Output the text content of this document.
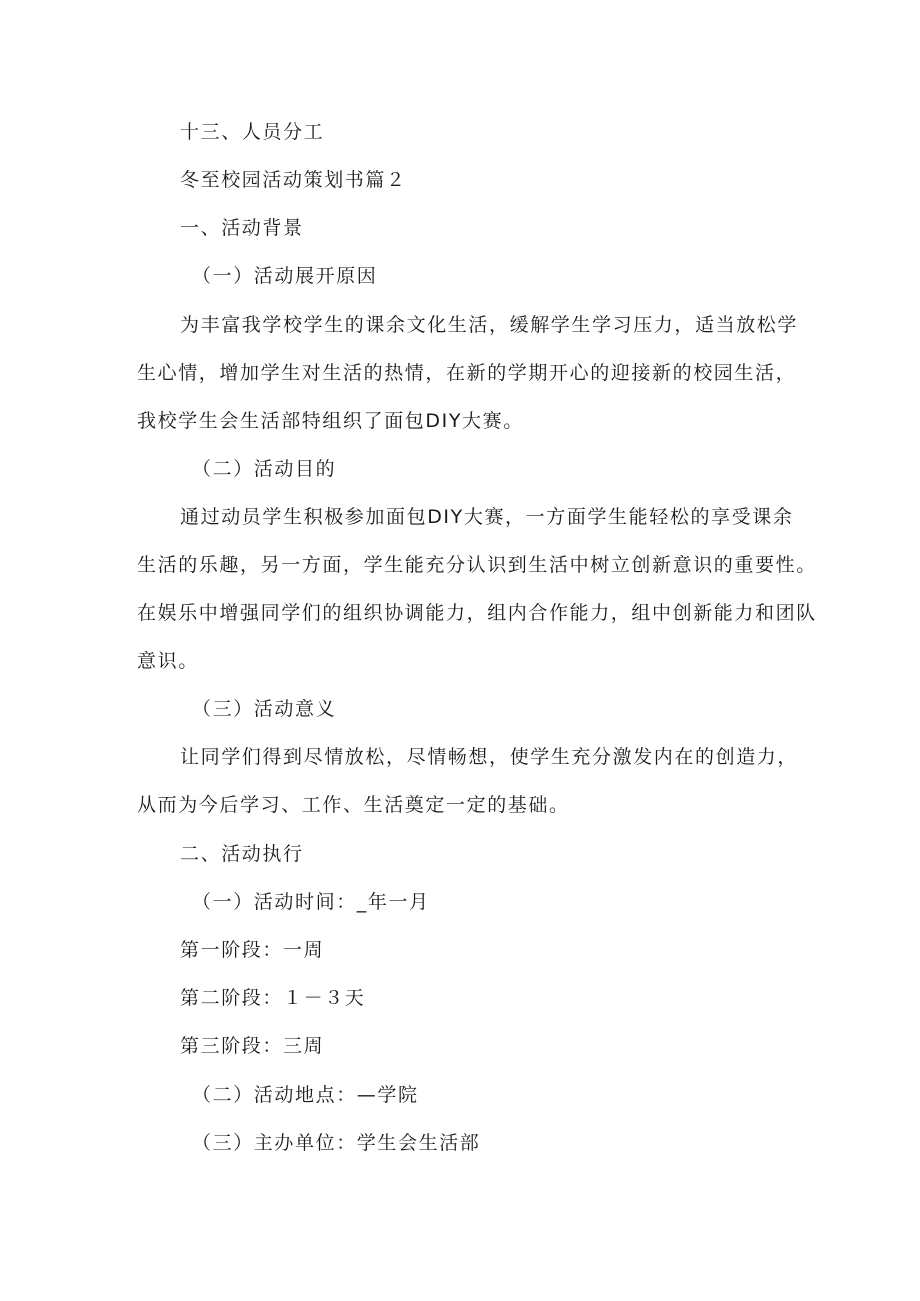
十三、人员分工
冬至校园活动策划书篇２
一、活动背景
（一）活动展开原因
为丰富我学校学生的课余文化生活，缓解学生学习压力，适当放松学
生心情，增加学生对生活的热情，在新的学期开心的迎接新的校园生活，
我校学生会生活部特组织了面包DIY大赛。
（二）活动目的
通过动员学生积极参加面包DIY大赛，一方面学生能轻松的享受课余
生活的乐趣，另一方面，学生能充分认识到生活中树立创新意识的重要性。
在娱乐中增强同学们的组织协调能力，组内合作能力，组中创新能力和团队
意识。
（三）活动意义
让同学们得到尽情放松，尽情畅想，使学生充分激发内在的创造力，
从而为今后学习、工作、生活奠定一定的基础。
二、活动执行
（一）活动时间：_年一月
第一阶段：一周
第二阶段：１－３天
第三阶段：三周
（二）活动地点：—学院
（三）主办单位：学生会生活部
